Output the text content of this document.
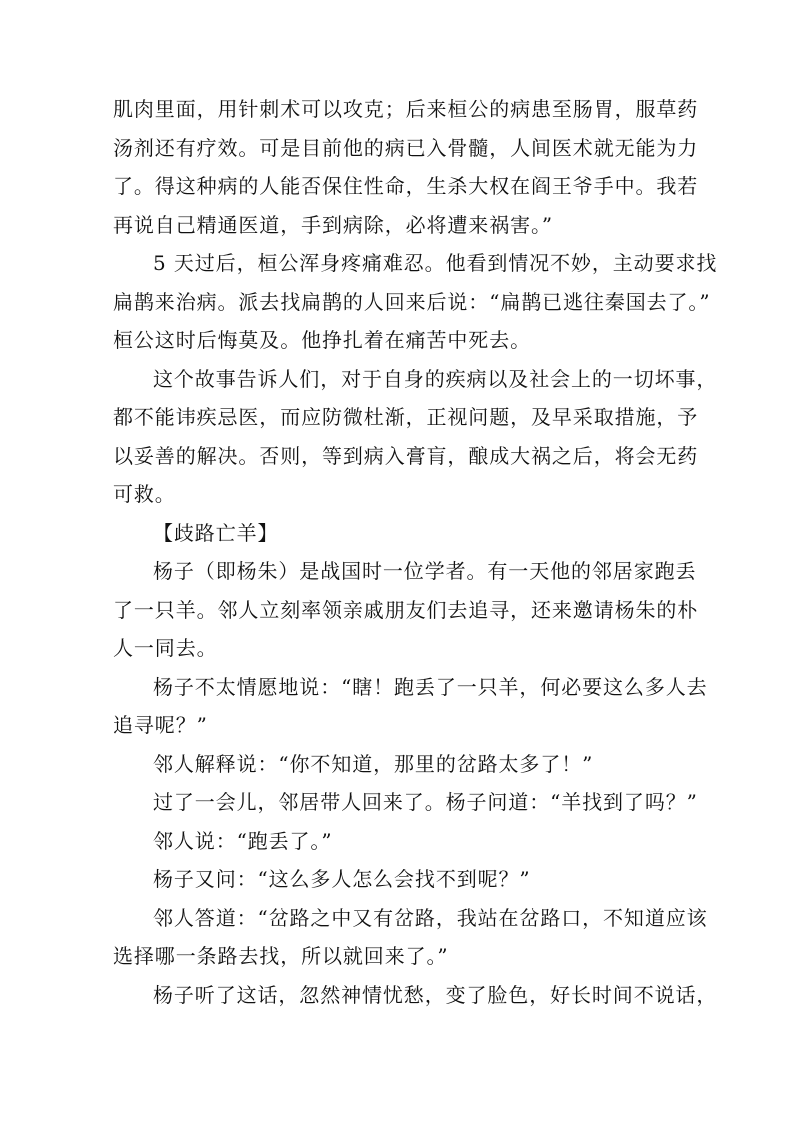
肌肉里面，用针刺术可以攻克；后来桓公的病患至肠胃，服草药
汤剂还有疗效。可是目前他的病已入骨髓，人间医术就无能为力
了。得这种病的人能否保住性命，生杀大权在阎王爷手中。我若
再说自己精通医道，手到病除，必将遭来祸害。”
5 天过后，桓公浑身疼痛难忍。他看到情况不妙，主动要求找
扁鹊来治病。派去找扁鹊的人回来后说：“扁鹊已逃往秦国去了。”
桓公这时后悔莫及。他挣扎着在痛苦中死去。
这个故事告诉人们，对于自身的疾病以及社会上的一切坏事，
都不能讳疾忌医，而应防微杜渐，正视问题，及早采取措施，予
以妥善的解决。否则，等到病入膏肓，酿成大祸之后，将会无药
可救。
【歧路亡羊】
杨子（即杨朱）是战国时一位学者。有一天他的邻居家跑丢
了一只羊。邻人立刻率领亲戚朋友们去追寻，还来邀请杨朱的朴
人一同去。
杨子不太情愿地说：“瞎！跑丢了一只羊，何必要这么多人去
追寻呢？”
邻人解释说：“你不知道，那里的岔路太多了！”
过了一会儿，邻居带人回来了。杨子问道：“羊找到了吗？”
邻人说：“跑丢了。”
杨子又问：“这么多人怎么会找不到呢？”
邻人答道：“岔路之中又有岔路，我站在岔路口，不知道应该
选择哪一条路去找，所以就回来了。”
杨子听了这话，忽然神情忧愁，变了脸色，好长时间不说话，
